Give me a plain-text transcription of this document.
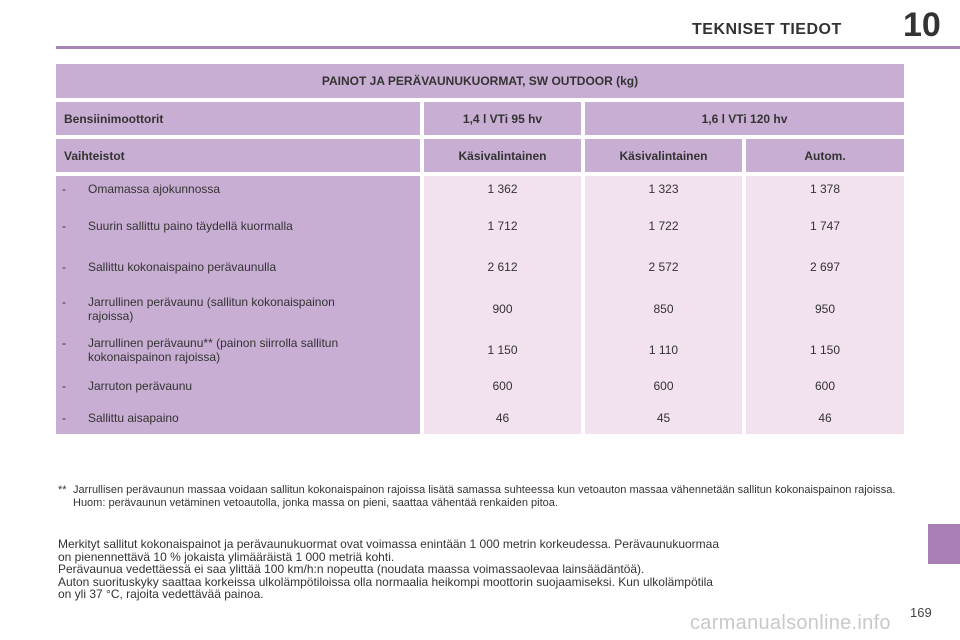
TEKNISET TIEDOT 10
PAINOT JA PERÄVAUNUKUORMAT, SW OUTDOOR (kg)
Bensiinimoottorit	1,4 l VTi 95 hv	1,6 l VTi 120 hv
Vaihteistot	Käsivalintainen	Käsivalintainen	Autom.
- Omamassa ajokunnossa	1 362	1 323	1 378
- Suurin sallittu paino täydellä kuormalla	1 712	1 722	1 747
- Sallittu kokonaispaino perävaunulla	2 612	2 572	2 697
- Jarrullinen perävaunu (sallitun kokonaispainon
rajoissa)	900	850	950
- Jarrullinen perävaunu** (painon siirrolla sallitun
kokonaispainon rajoissa)	1 150	1 110	1 150
- Jarruton perävaunu	600	600	600
- Sallittu aisapaino	46	45	46
** Jarrullisen perävaunun massaa voidaan sallitun kokonaispainon rajoissa lisätä samassa suhteessa kun vetoauton massaa vähennetään sallitun kokonaispainon rajoissa. Huom: perävaunun vetäminen vetoautolla, jonka massa on pieni, saattaa vähentää renkaiden pitoa.
Merkityt sallitut kokonaispainot ja perävaunukuormat ovat voimassa enintään 1 000 metrin korkeudessa. Perävaunukuormaa
on pienennettävä 10 % jokaista ylimääräistä 1 000 metriä kohti.
Perävaunua vedettäessä ei saa ylittää 100 km/h:n nopeutta (noudata maassa voimassaolevaa lainsäädäntöä).
Auton suorituskyky saattaa korkeissa ulkolämpötiloissa olla normaalia heikompi moottorin suojaamiseksi. Kun ulkolämpötila
on yli 37 °C, rajoita vedettävää painoa.
169
carmanualsonline.info
